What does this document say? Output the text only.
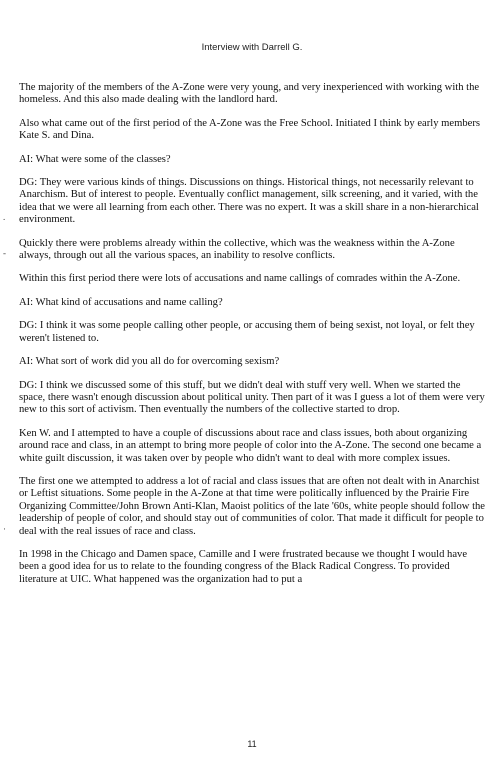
Interview with Darrell G.
.
-
·

The majority of the members of the A-Zone were very young, and very inexperienced with working with the homeless. And this also made dealing with the landlord hard.

Also what came out of the first period of the A-Zone was the Free School. Initiated I think by early members Kate S. and Dina.

AI: What were some of the classes?

DG: They were various kinds of things. Discussions on things. Historical things, not necessarily relevant to Anarchism. But of interest to people. Eventually conflict management, silk screening, and it varied, with the idea that we were all learning from each other. There was no expert. It was a skill share in a non-hierarchical environment.

Quickly there were problems already within the collective, which was the weakness within the A-Zone always, through out all the various spaces, an inability to resolve conflicts.

Within this first period there were lots of accusations and name callings of comrades within the A-Zone.

AI: What kind of accusations and name calling?

DG: I think it was some people calling other people, or accusing them of being sexist, not loyal, or felt they weren't listened to.

AI: What sort of work did you all do for overcoming sexism?

DG: I think we discussed some of this stuff, but we didn't deal with stuff very well. When we started the space, there wasn't enough discussion about political unity. Then part of it was I guess a lot of them were very new to this sort of activism. Then eventually the numbers of the collective started to drop.

Ken W. and I attempted to have a couple of discussions about race and class issues, both about organizing around race and class, in an attempt to bring more people of color into the A-Zone. The second one became a white guilt discussion, it was taken over by people who didn't want to deal with more complex issues.

The first one we attempted to address a lot of racial and class issues that are often not dealt with in Anarchist or Leftist situations. Some people in the A-Zone at that time were politically influenced by the Prairie Fire Organizing Committee/John Brown Anti-Klan, Maoist politics of the late '60s, white people should follow the leadership of people of color, and should stay out of communities of color. That made it difficult for people to deal with the real issues of race and class.

In 1998 in the Chicago and Damen space, Camille and I were frustrated because we thought I would have been a good idea for us to relate to the founding congress of the Black Radical Congress. To provided literature at UIC. What happened was the organization had to put a

11
